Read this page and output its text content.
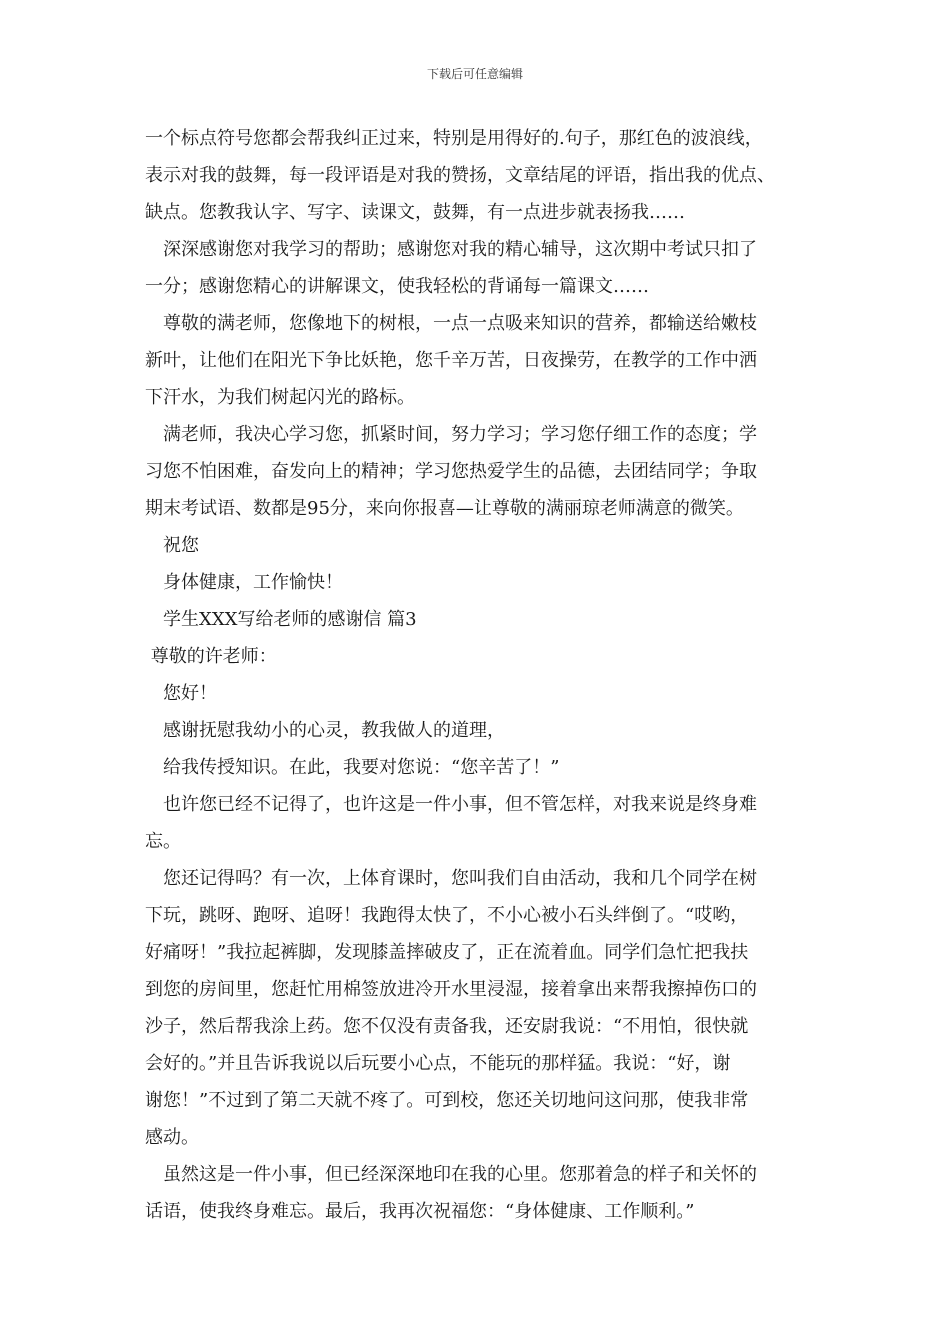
下载后可任意编辑
一个标点符号您都会帮我纠正过来，特别是用得好的.句子，那红色的波浪线，
表示对我的鼓舞，每一段评语是对我的赞扬，文章结尾的评语，指出我的优点、
缺点。您教我认字、写字、读课文，鼓舞，有一点进步就表扬我……
　深深感谢您对我学习的帮助；感谢您对我的精心辅导，这次期中考试只扣了
一分；感谢您精心的讲解课文，使我轻松的背诵每一篇课文……
　尊敬的满老师，您像地下的树根，一点一点吸来知识的营养，都输送给嫩枝
新叶，让他们在阳光下争比妖艳，您千辛万苦，日夜操劳，在教学的工作中洒
下汗水，为我们树起闪光的路标。
　满老师，我决心学习您，抓紧时间，努力学习；学习您仔细工作的态度；学
习您不怕困难，奋发向上的精神；学习您热爱学生的品德，去团结同学；争取
期末考试语、数都是95分，来向你报喜—让尊敬的满丽琼老师满意的微笑。
　祝您
　身体健康，工作愉快！
　学生XXX写给老师的感谢信 篇3
尊敬的许老师：
　您好！
　感谢抚慰我幼小的心灵，教我做人的道理，
　给我传授知识。在此，我要对您说：“您辛苦了！”
　也许您已经不记得了，也许这是一件小事，但不管怎样，对我来说是终身难
忘。
　您还记得吗？有一次，上体育课时，您叫我们自由活动，我和几个同学在树
下玩，跳呀、跑呀、追呀！我跑得太快了，不小心被小石头绊倒了。“哎哟，
好痛呀！”我拉起裤脚，发现膝盖摔破皮了，正在流着血。同学们急忙把我扶
到您的房间里，您赶忙用棉签放进冷开水里浸湿，接着拿出来帮我擦掉伤口的
沙子，然后帮我涂上药。您不仅没有责备我，还安尉我说：“不用怕，很快就
会好的。”并且告诉我说以后玩要小心点，不能玩的那样猛。我说：“好，谢
谢您！”不过到了第二天就不疼了。可到校，您还关切地问这问那，使我非常
感动。
　虽然这是一件小事，但已经深深地印在我的心里。您那着急的样子和关怀的
话语，使我终身难忘。最后，我再次祝福您：“身体健康、工作顺利。”
